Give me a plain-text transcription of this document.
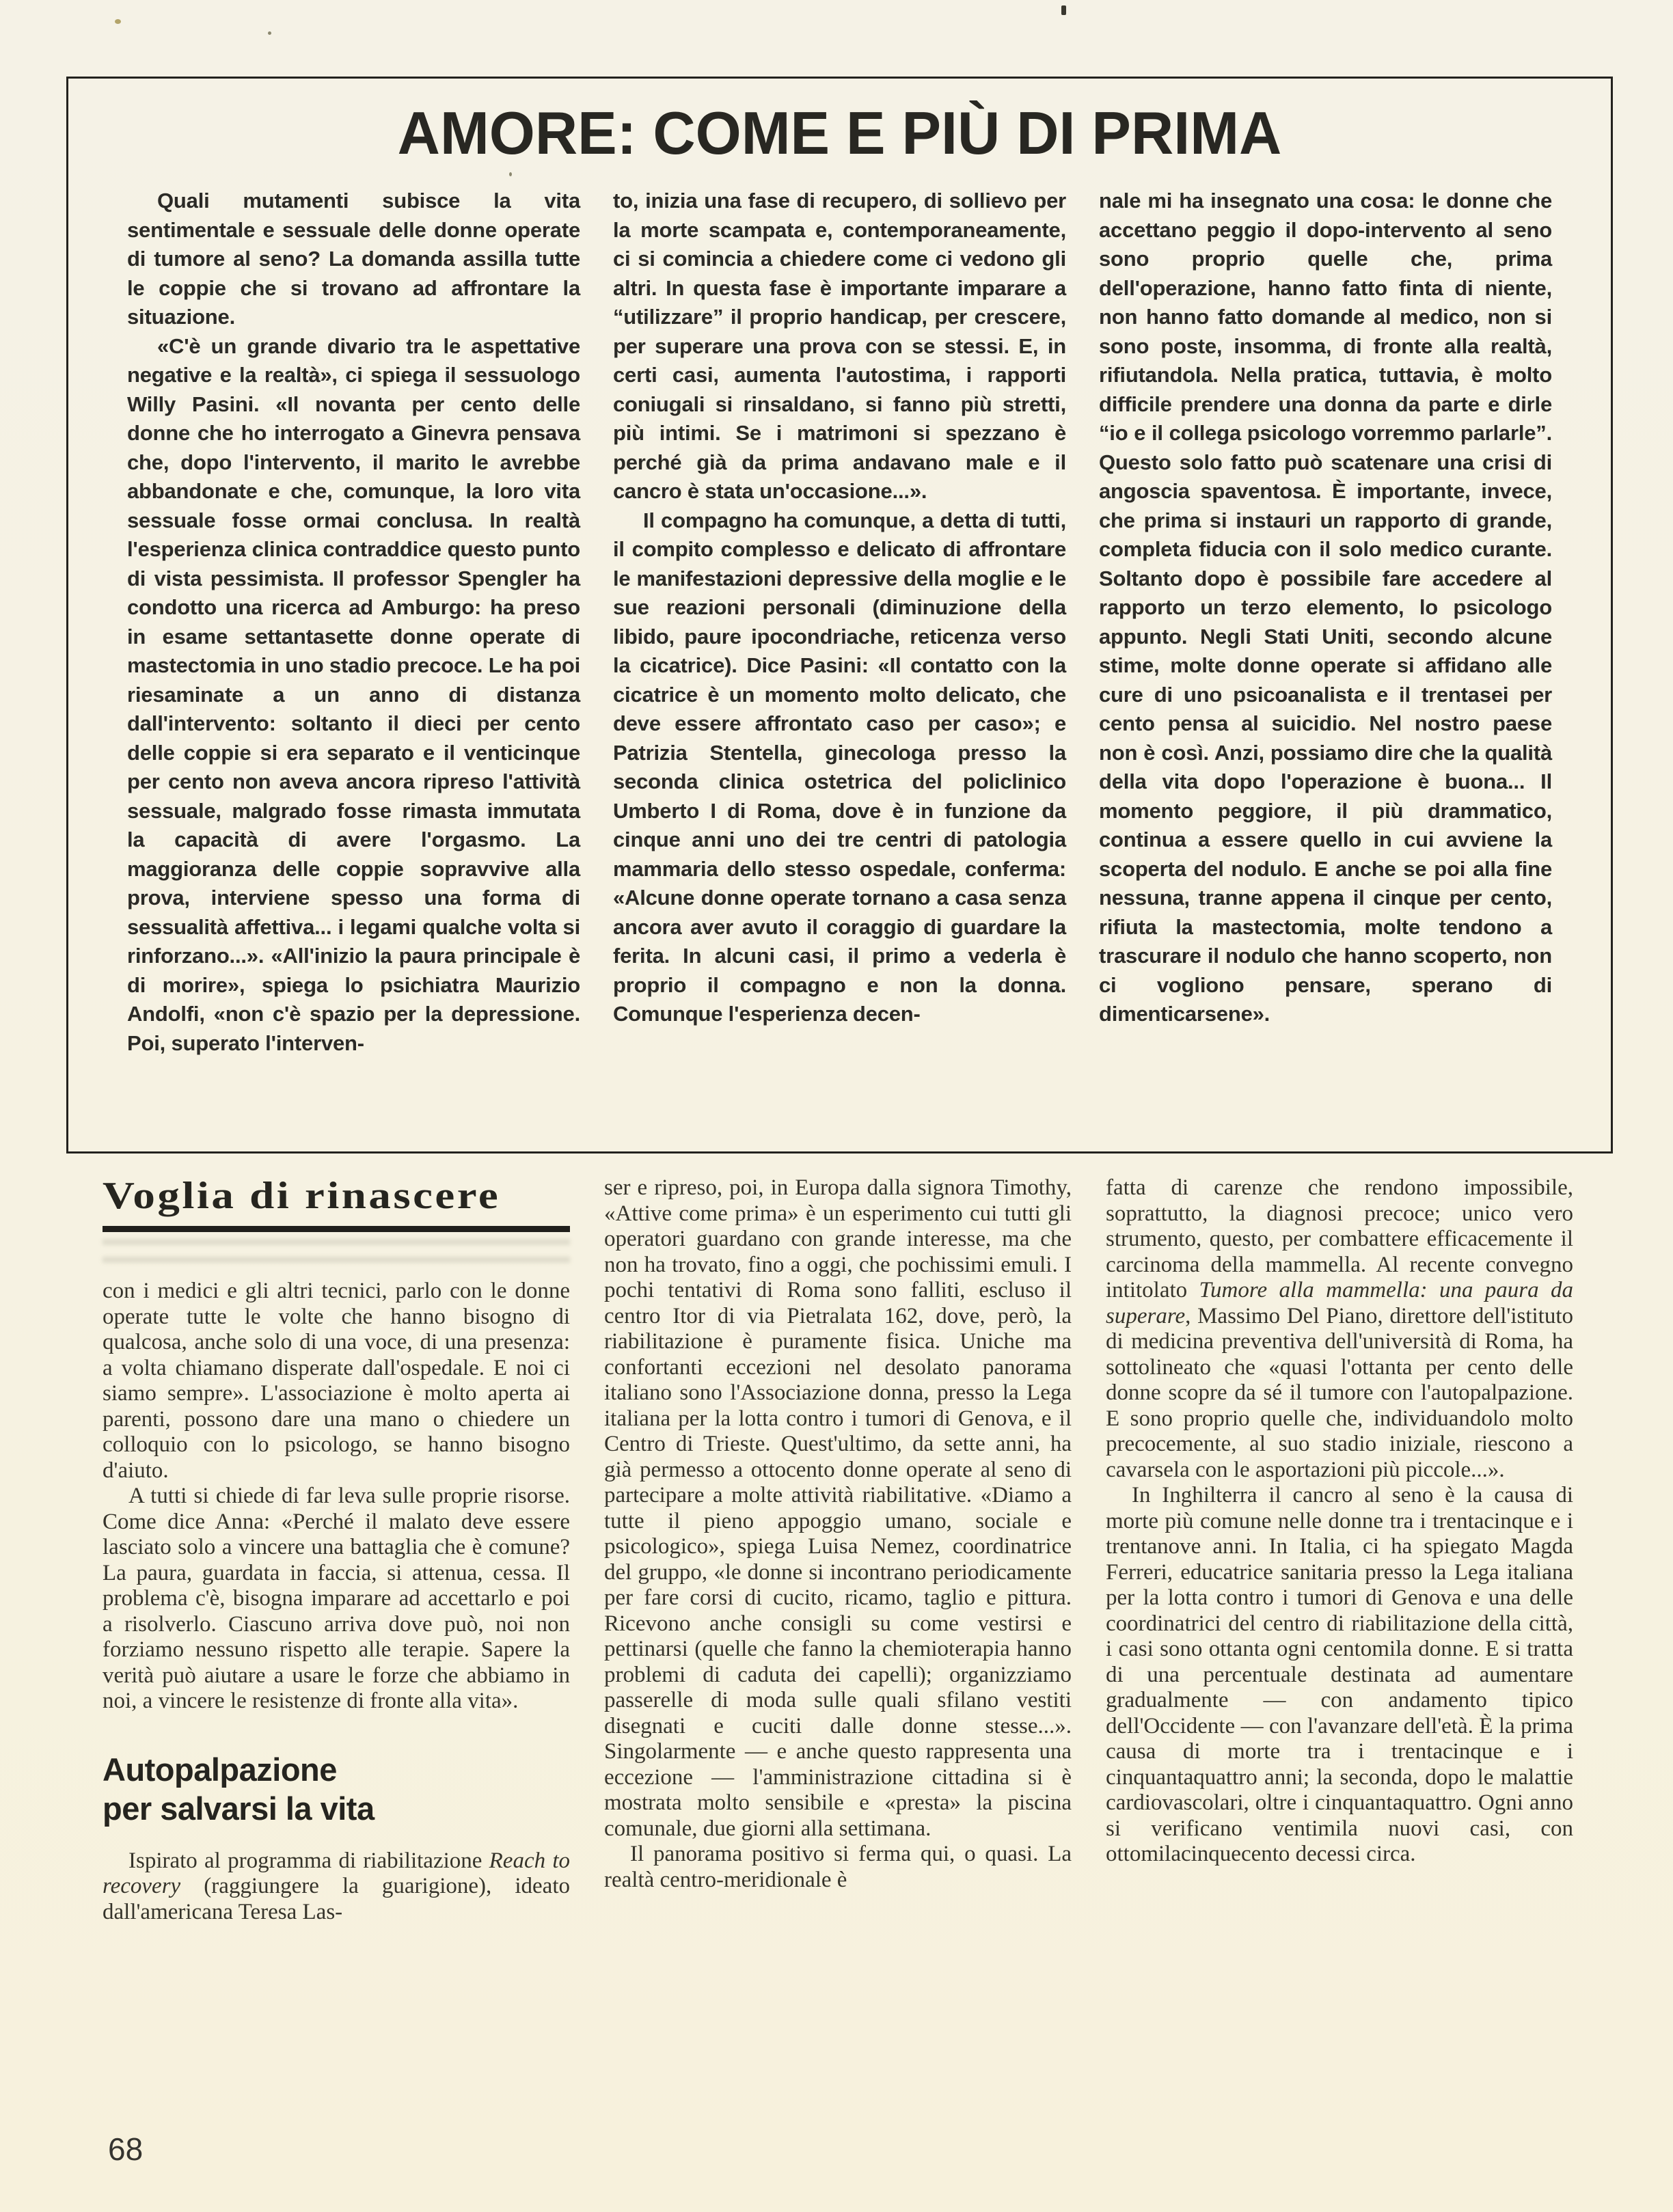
AMORE: COME E PIÙ DI PRIMA

Quali mutamenti subisce la vita sentimentale e sessuale delle donne operate di tumore al seno? La domanda assilla tutte le coppie che si trovano ad affrontare la situazione.

«C'è un grande divario tra le aspettative negative e la realtà», ci spiega il sessuologo Willy Pasini. «Il novanta per cento delle donne che ho interrogato a Ginevra pensava che, dopo l'intervento, il marito le avrebbe abbandonate e che, comunque, la loro vita sessuale fosse ormai conclusa. In realtà l'esperienza clinica contraddice questo punto di vista pessimista. Il professor Spengler ha condotto una ricerca ad Amburgo: ha preso in esame settantasette donne operate di mastectomia in uno stadio precoce. Le ha poi riesaminate a un anno di distanza dall'intervento: soltanto il dieci per cento delle coppie si era separato e il venticinque per cento non aveva ancora ripreso l'attività sessuale, malgrado fosse rimasta immutata la capacità di avere l'orgasmo. La maggioranza delle coppie sopravvive alla prova, interviene spesso una forma di sessualità affettiva... i legami qualche volta si rinforzano...». «All'inizio la paura principale è di morire», spiega lo psichiatra Maurizio Andolfi, «non c'è spazio per la depressione. Poi, superato l'interven-

to, inizia una fase di recupero, di sollievo per la morte scampata e, contemporaneamente, ci si comincia a chiedere come ci vedono gli altri. In questa fase è importante imparare a “utilizzare” il proprio handicap, per crescere, per superare una prova con se stessi. E, in certi casi, aumenta l'autostima, i rapporti coniugali si rinsaldano, si fanno più stretti, più intimi. Se i matrimoni si spezzano è perché già da prima andavano male e il cancro è stata un'occasione...».

Il compagno ha comunque, a detta di tutti, il compito complesso e delicato di affrontare le manifestazioni depressive della moglie e le sue reazioni personali (diminuzione della libido, paure ipocondriache, reticenza verso la cicatrice). Dice Pasini: «Il contatto con la cicatrice è un momento molto delicato, che deve essere affrontato caso per caso»; e Patrizia Stentella, ginecologa presso la seconda clinica ostetrica del policlinico Umberto I di Roma, dove è in funzione da cinque anni uno dei tre centri di patologia mammaria dello stesso ospedale, conferma: «Alcune donne operate tornano a casa senza ancora aver avuto il coraggio di guardare la ferita. In alcuni casi, il primo a vederla è proprio il compagno e non la donna. Comunque l'esperienza decen-

nale mi ha insegnato una cosa: le donne che accettano peggio il dopo-intervento al seno sono proprio quelle che, prima dell'operazione, hanno fatto finta di niente, non hanno fatto domande al medico, non si sono poste, insomma, di fronte alla realtà, rifiutandola. Nella pratica, tuttavia, è molto difficile prendere una donna da parte e dirle “io e il collega psicologo vorremmo parlarle”. Questo solo fatto può scatenare una crisi di angoscia spaventosa. È importante, invece, che prima si instauri un rapporto di grande, completa fiducia con il solo medico curante. Soltanto dopo è possibile fare accedere al rapporto un terzo elemento, lo psicologo appunto. Negli Stati Uniti, secondo alcune stime, molte donne operate si affidano alle cure di uno psicoanalista e il trentasei per cento pensa al suicidio. Nel nostro paese non è così. Anzi, possiamo dire che la qualità della vita dopo l'operazione è buona... Il momento peggiore, il più drammatico, continua a essere quello in cui avviene la scoperta del nodulo. E anche se poi alla fine nessuna, tranne appena il cinque per cento, rifiuta la mastectomia, molte tendono a trascurare il nodulo che hanno scoperto, non ci vogliono pensare, sperano di dimenticarsene».

Voglia di rinascere

con i medici e gli altri tecnici, parlo con le donne operate tutte le volte che hanno bisogno di qualcosa, anche solo di una voce, di una presenza: a volta chiamano disperate dall'ospedale. E noi ci siamo sempre». L'associazione è molto aperta ai parenti, possono dare una mano o chiedere un colloquio con lo psicologo, se hanno bisogno d'aiuto.

A tutti si chiede di far leva sulle proprie risorse. Come dice Anna: «Perché il malato deve essere lasciato solo a vincere una battaglia che è comune? La paura, guardata in faccia, si attenua, cessa. Il problema c'è, bisogna imparare ad accettarlo e poi a risolverlo. Ciascuno arriva dove può, noi non forziamo nessuno rispetto alle terapie. Sapere la verità può aiutare a usare le forze che abbiamo in noi, a vincere le resistenze di fronte alla vita».

Autopalpazione
per salvarsi la vita

Ispirato al programma di riabilitazione Reach to recovery (raggiungere la guarigione), ideato dall'americana Teresa Las-

ser e ripreso, poi, in Europa dalla signora Timothy, «Attive come prima» è un esperimento cui tutti gli operatori guardano con grande interesse, ma che non ha trovato, fino a oggi, che pochissimi emuli. I pochi tentativi di Roma sono falliti, escluso il centro Itor di via Pietralata 162, dove, però, la riabilitazione è puramente fisica. Uniche ma confortanti eccezioni nel desolato panorama italiano sono l'Associazione donna, presso la Lega italiana per la lotta contro i tumori di Genova, e il Centro di Trieste. Quest'ultimo, da sette anni, ha già permesso a ottocento donne operate al seno di partecipare a molte attività riabilitative. «Diamo a tutte il pieno appoggio umano, sociale e psicologico», spiega Luisa Nemez, coordinatrice del gruppo, «le donne si incontrano periodicamente per fare corsi di cucito, ricamo, taglio e pittura. Ricevono anche consigli su come vestirsi e pettinarsi (quelle che fanno la chemioterapia hanno problemi di caduta dei capelli); organizziamo passerelle di moda sulle quali sfilano vestiti disegnati e cuciti dalle donne stesse...». Singolarmente — e anche questo rappresenta una eccezione — l'amministrazione cittadina si è mostrata molto sensibile e «presta» la piscina comunale, due giorni alla settimana.

Il panorama positivo si ferma qui, o quasi. La realtà centro-meridionale è

fatta di carenze che rendono impossibile, soprattutto, la diagnosi precoce; unico vero strumento, questo, per combattere efficacemente il carcinoma della mammella. Al recente convegno intitolato Tumore alla mammella: una paura da superare, Massimo Del Piano, direttore dell'istituto di medicina preventiva dell'università di Roma, ha sottolineato che «quasi l'ottanta per cento delle donne scopre da sé il tumore con l'autopalpazione. E sono proprio quelle che, individuandolo molto precocemente, al suo stadio iniziale, riescono a cavarsela con le asportazioni più piccole...».

In Inghilterra il cancro al seno è la causa di morte più comune nelle donne tra i trentacinque e i trentanove anni. In Italia, ci ha spiegato Magda Ferreri, educatrice sanitaria presso la Lega italiana per la lotta contro i tumori di Genova e una delle coordinatrici del centro di riabilitazione della città, i casi sono ottanta ogni centomila donne. E si tratta di una percentuale destinata ad aumentare gradualmente — con andamento tipico dell'Occidente — con l'avanzare dell'età. È la prima causa di morte tra i trentacinque e i cinquantaquattro anni; la seconda, dopo le malattie cardiovascolari, oltre i cinquantaquattro. Ogni anno si verificano ventimila nuovi casi, con ottomilacinquecento decessi circa.

68
